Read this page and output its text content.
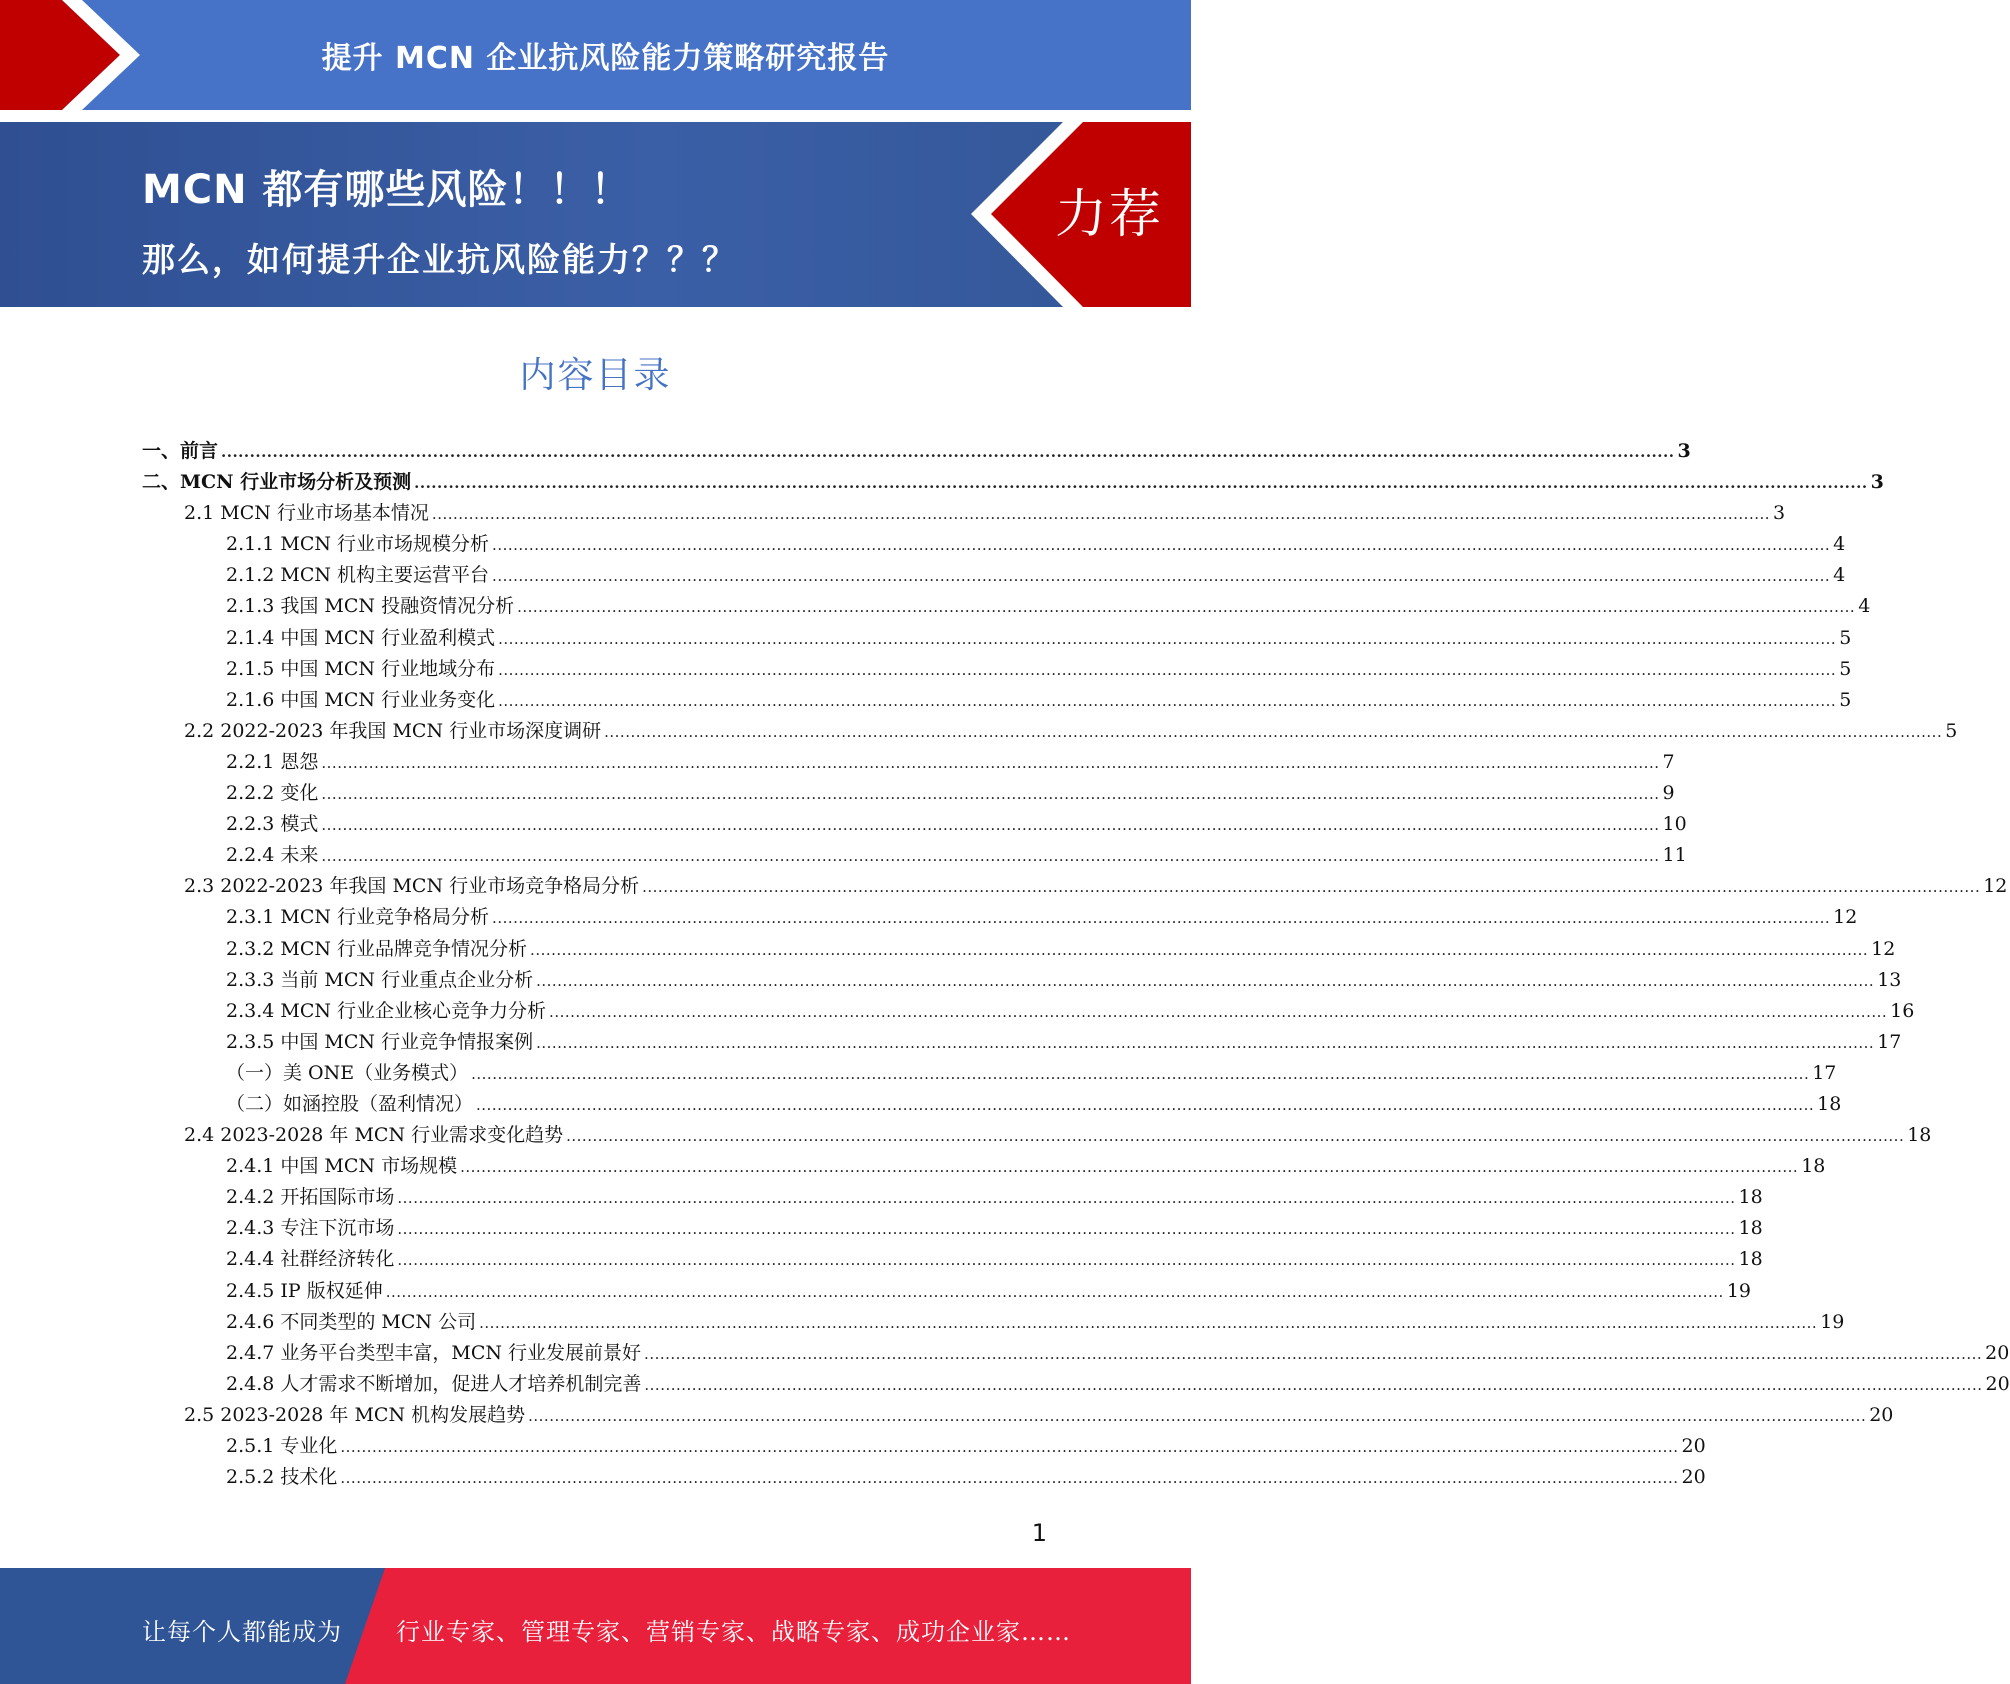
提升 MCN 企业抗风险能力策略研究报告
MCN 都有哪些风险！！！
那么，如何提升企业抗风险能力？？？
力荐
内容目录
一、前言 .............................................................................................................................................................................................................................................................. 3
二、MCN 行业市场分析及预测 .............................................................................................................................................................................................................................................................. 3
2.1 MCN 行业市场基本情况 .............................................................................................................................................................................................................................................................. 3
2.1.1 MCN 行业市场规模分析 .............................................................................................................................................................................................................................................................. 4
2.1.2 MCN 机构主要运营平台 .............................................................................................................................................................................................................................................................. 4
2.1.3 我国 MCN 投融资情况分析 .............................................................................................................................................................................................................................................................. 4
2.1.4 中国 MCN 行业盈利模式 .............................................................................................................................................................................................................................................................. 5
2.1.5 中国 MCN 行业地域分布 .............................................................................................................................................................................................................................................................. 5
2.1.6 中国 MCN 行业业务变化 .............................................................................................................................................................................................................................................................. 5
2.2 2022-2023 年我国 MCN 行业市场深度调研 .............................................................................................................................................................................................................................................................. 5
2.2.1 恩怨 .............................................................................................................................................................................................................................................................. 7
2.2.2 变化 .............................................................................................................................................................................................................................................................. 9
2.2.3 模式 .............................................................................................................................................................................................................................................................. 10
2.2.4 未来 .............................................................................................................................................................................................................................................................. 11
2.3 2022-2023 年我国 MCN 行业市场竞争格局分析 .............................................................................................................................................................................................................................................................. 12
2.3.1 MCN 行业竞争格局分析 .............................................................................................................................................................................................................................................................. 12
2.3.2 MCN 行业品牌竞争情况分析 .............................................................................................................................................................................................................................................................. 12
2.3.3 当前 MCN 行业重点企业分析 .............................................................................................................................................................................................................................................................. 13
2.3.4 MCN 行业企业核心竞争力分析 .............................................................................................................................................................................................................................................................. 16
2.3.5 中国 MCN 行业竞争情报案例 .............................................................................................................................................................................................................................................................. 17
（一）美 ONE（业务模式） .............................................................................................................................................................................................................................................................. 17
（二）如涵控股（盈利情况） .............................................................................................................................................................................................................................................................. 18
2.4 2023-2028 年 MCN 行业需求变化趋势 .............................................................................................................................................................................................................................................................. 18
2.4.1 中国 MCN 市场规模 .............................................................................................................................................................................................................................................................. 18
2.4.2 开拓国际市场 .............................................................................................................................................................................................................................................................. 18
2.4.3 专注下沉市场 .............................................................................................................................................................................................................................................................. 18
2.4.4 社群经济转化 .............................................................................................................................................................................................................................................................. 18
2.4.5 IP 版权延伸 .............................................................................................................................................................................................................................................................. 19
2.4.6 不同类型的 MCN 公司 .............................................................................................................................................................................................................................................................. 19
2.4.7 业务平台类型丰富，MCN 行业发展前景好 .............................................................................................................................................................................................................................................................. 20
2.4.8 人才需求不断增加，促进人才培养机制完善 .............................................................................................................................................................................................................................................................. 20
2.5 2023-2028 年 MCN 机构发展趋势 .............................................................................................................................................................................................................................................................. 20
2.5.1 专业化 .............................................................................................................................................................................................................................................................. 20
2.5.2 技术化 .............................................................................................................................................................................................................................................................. 20
1
让每个人都能成为 行业专家、管理专家、营销专家、战略专家、成功企业家……
